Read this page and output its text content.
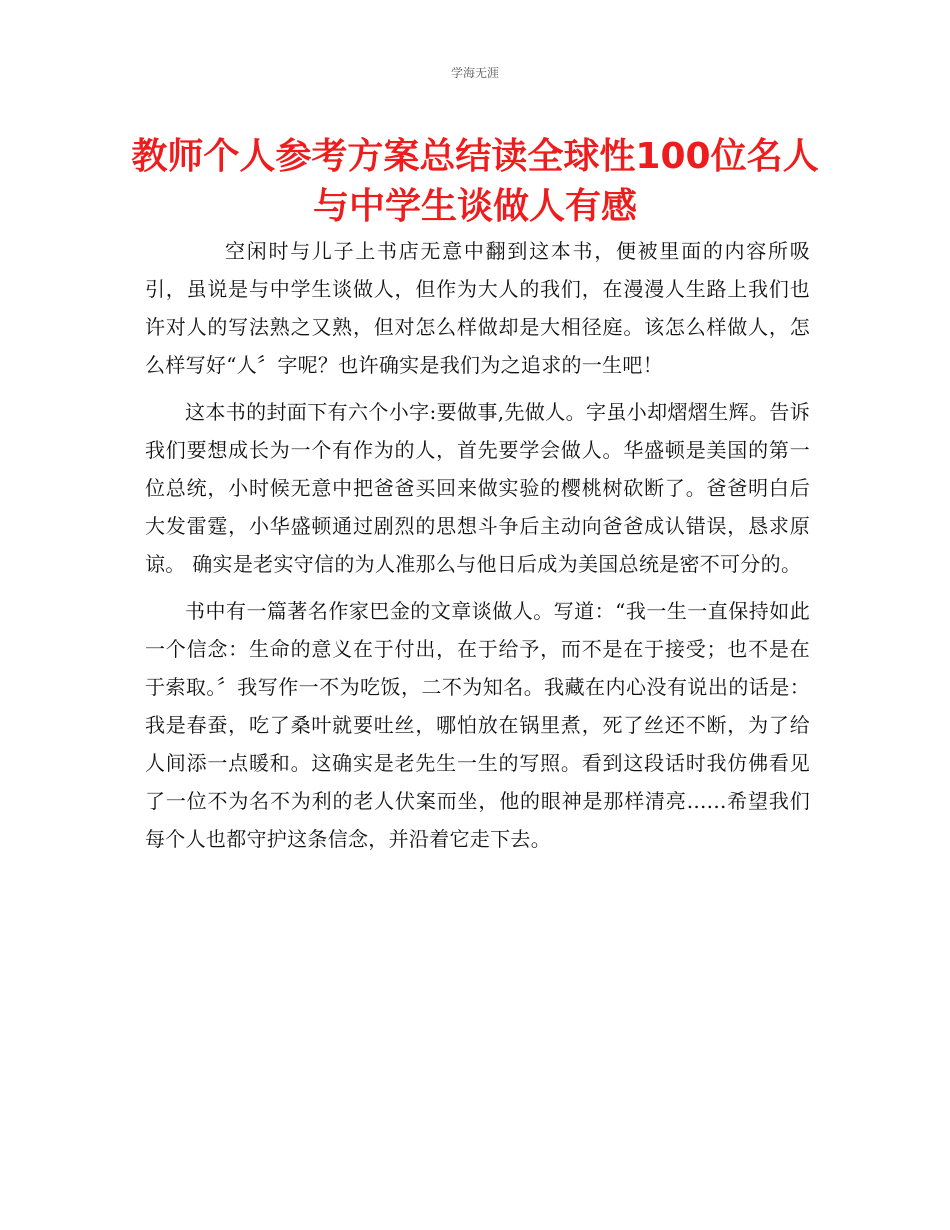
学海无涯
教师个人参考方案总结读全球性100位名人与中学生谈做人有感

空闲时与儿子上书店无意中翻到这本书，便被里面的内容所吸引，虽说是与中学生谈做人，但作为大人的我们，在漫漫人生路上我们也许对人的写法熟之又熟，但对怎么样做却是大相径庭。该怎么样做人，怎么样写好“人〞字呢？也许确实是我们为之追求的一生吧！

这本书的封面下有六个小字:要做事,先做人。字虽小却熠熠生辉。告诉我们要想成长为一个有作为的人，首先要学会做人。华盛顿是美国的第一位总统，小时候无意中把爸爸买回来做实验的樱桃树砍断了。爸爸明白后大发雷霆，小华盛顿通过剧烈的思想斗争后主动向爸爸成认错误，恳求原谅。 确实是老实守信的为人准那么与他日后成为美国总统是密不可分的。

书中有一篇著名作家巴金的文章谈做人。写道：“我一生一直保持如此一个信念：生命的意义在于付出，在于给予，而不是在于接受；也不是在于索取。〞我写作一不为吃饭，二不为知名。我藏在内心没有说出的话是：我是春蚕，吃了桑叶就要吐丝，哪怕放在锅里煮，死了丝还不断，为了给人间添一点暖和。这确实是老先生一生的写照。看到这段话时我仿佛看见了一位不为名不为利的老人伏案而坐，他的眼神是那样清亮......希望我们每个人也都守护这条信念，并沿着它走下去。
